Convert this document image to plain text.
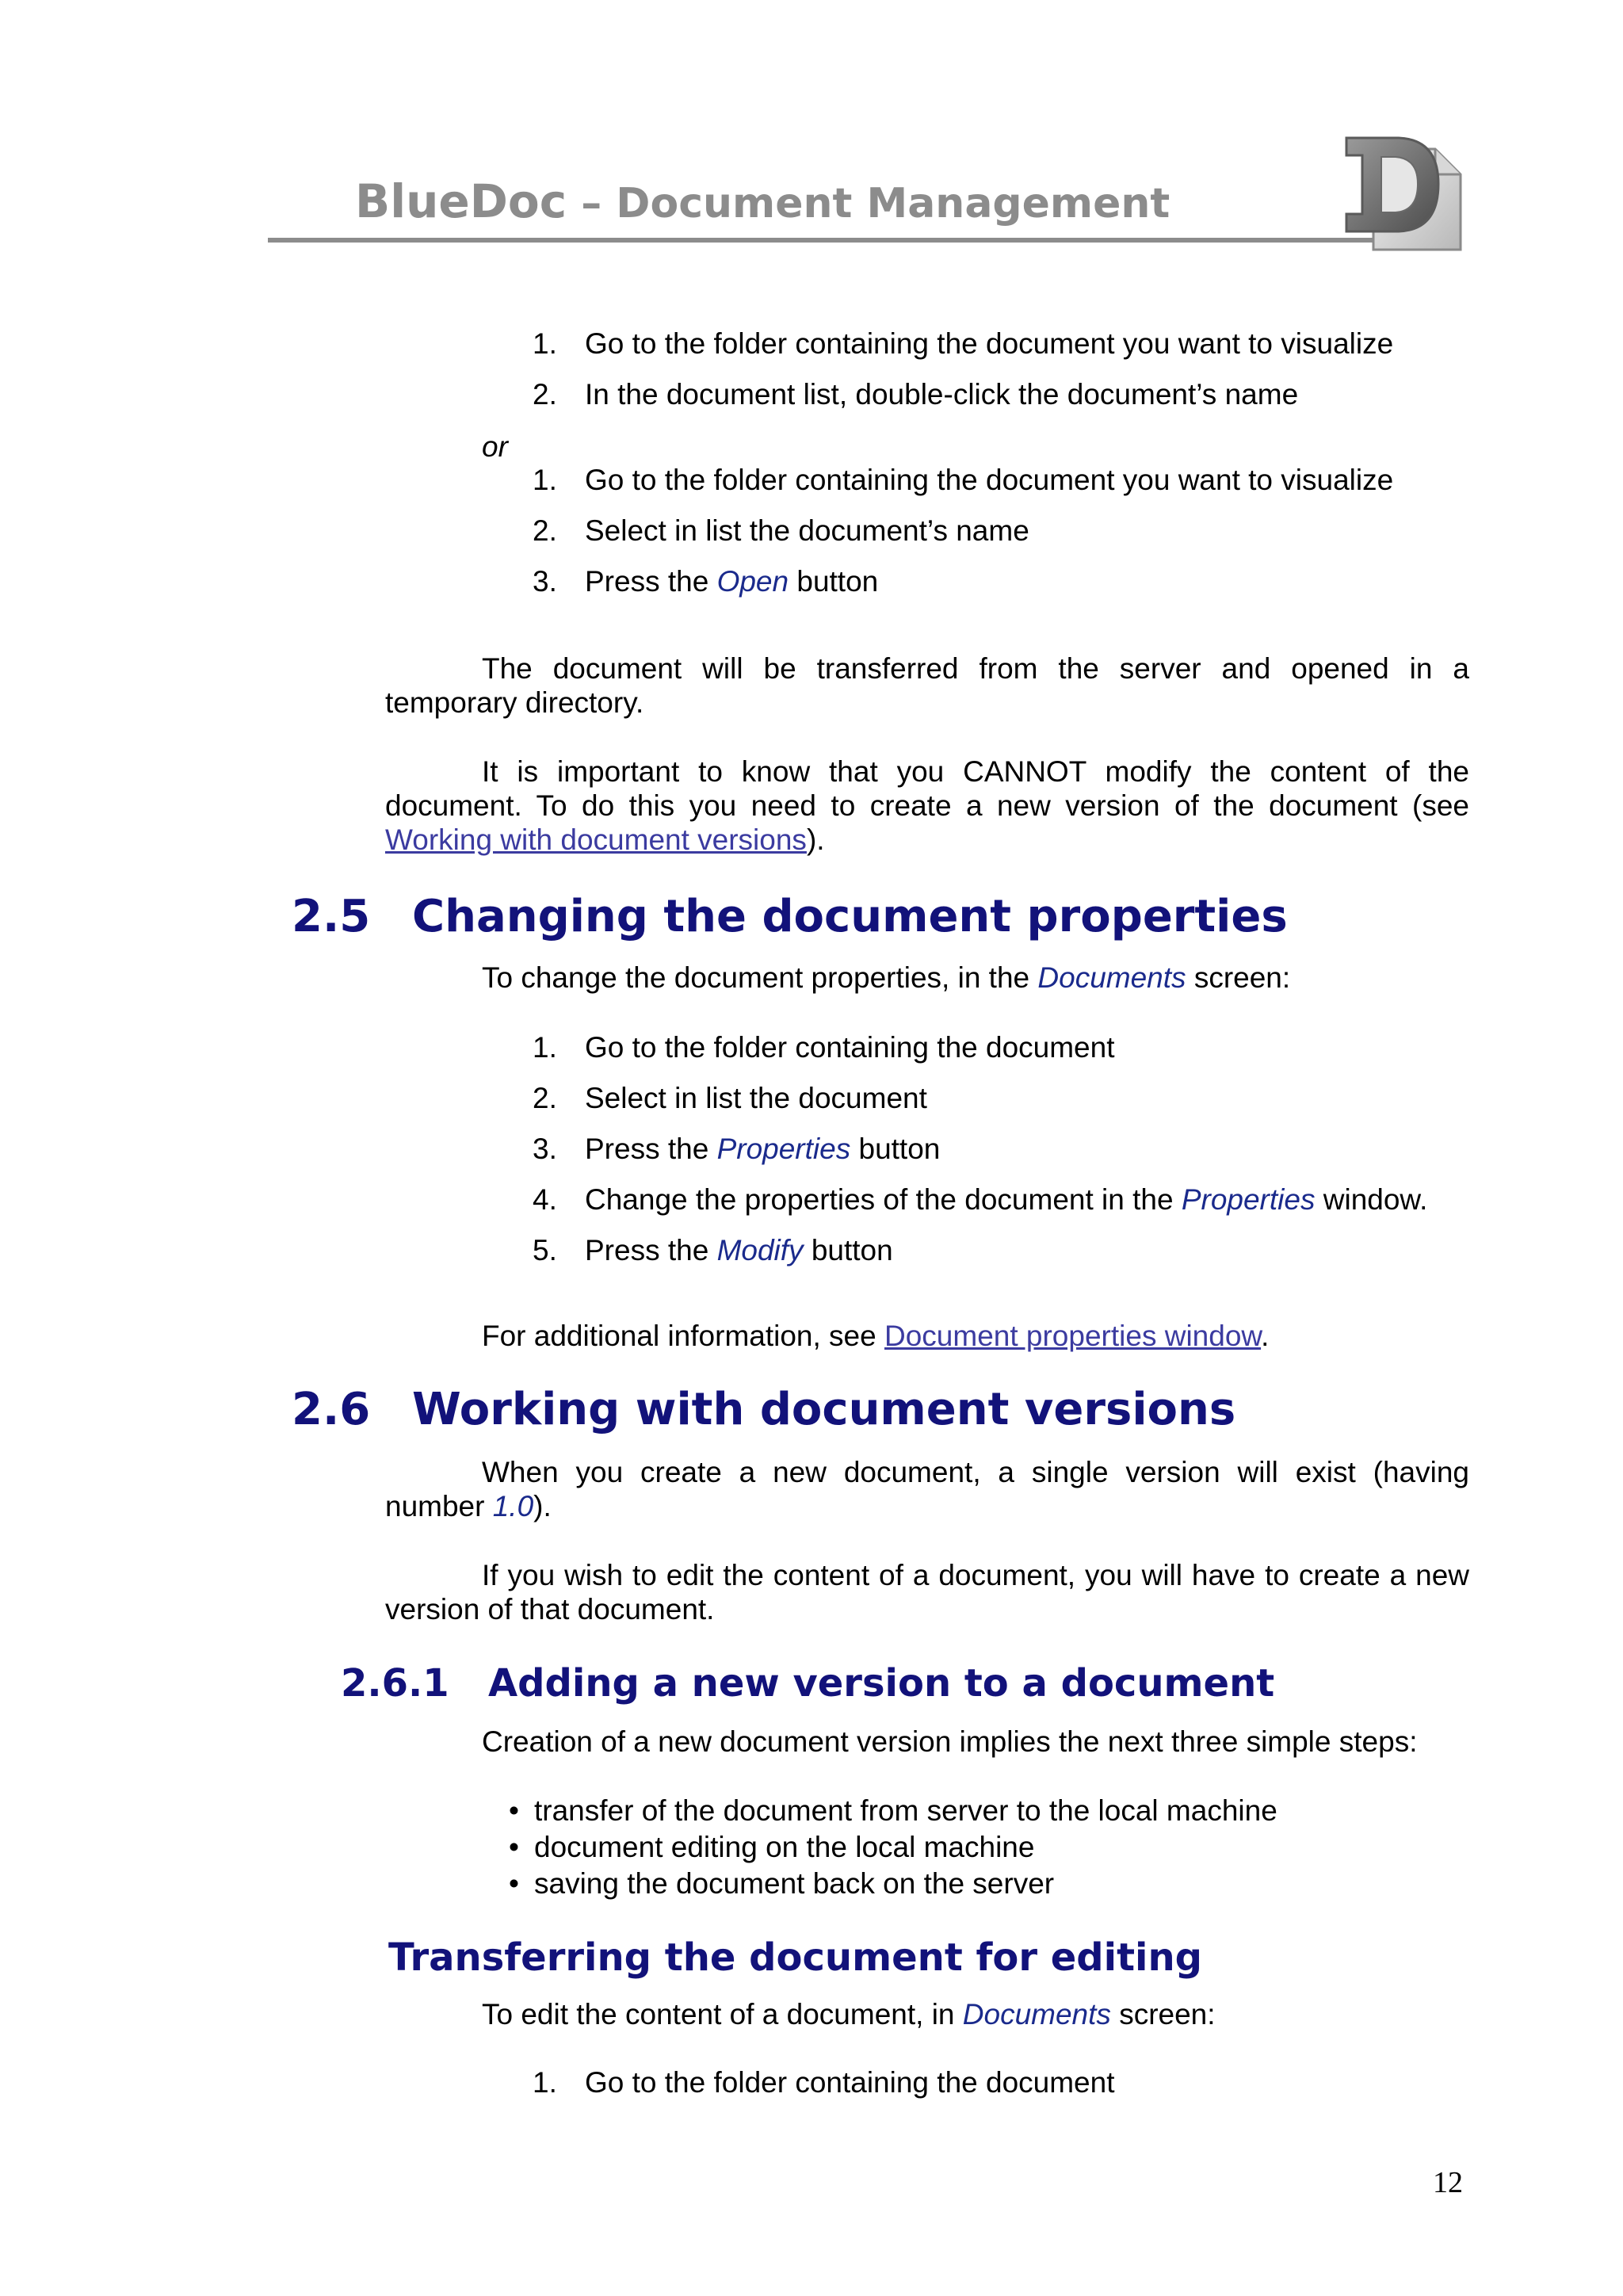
BlueDoc – Document Management
1. Go to the folder containing the document you want to visualize
2. In the document list, double-click the document’s name
or
1. Go to the folder containing the document you want to visualize
2. Select in list the document’s name
3. Press the Open button
The document will be transferred from the server and opened in a temporary directory.
It is important to know that you CANNOT modify the content of the document. To do this you need to create a new version of the document (see Working with document versions).
2.5 Changing the document properties
To change the document properties, in the Documents screen:
1. Go to the folder containing the document
2. Select in list the document
3. Press the Properties button
4. Change the properties of the document in the Properties window.
5. Press the Modify button
For additional information, see Document properties window.
2.6 Working with document versions
When you create a new document, a single version will exist (having number 1.0).
If you wish to edit the content of a document, you will have to create a new version of that document.
2.6.1 Adding a new version to a document
Creation of a new document version implies the next three simple steps:
• transfer of the document from server to the local machine
• document editing on the local machine
• saving the document back on the server
Transferring the document for editing
To edit the content of a document, in Documents screen:
1. Go to the folder containing the document
12
